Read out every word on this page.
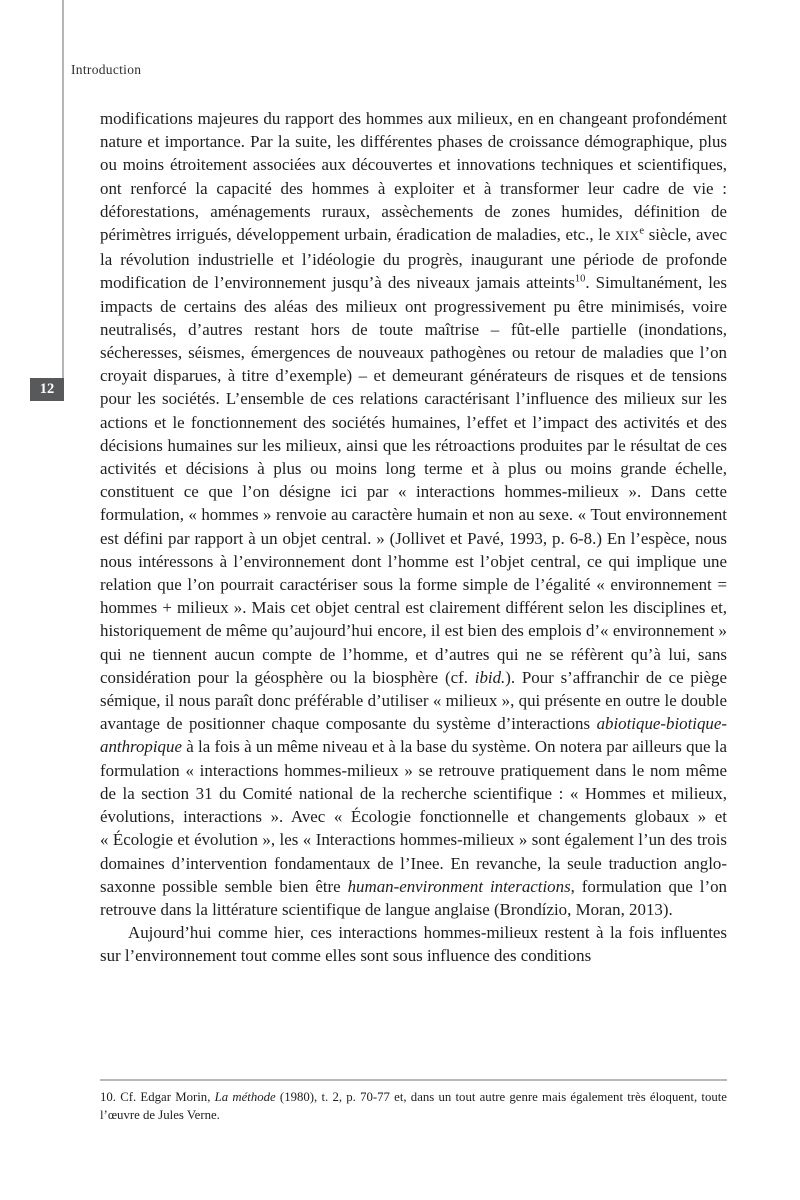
Introduction
12

modifications majeures du rapport des hommes aux milieux, en en changeant profondément nature et importance. Par la suite, les différentes phases de croissance démographique, plus ou moins étroitement associées aux découvertes et innovations techniques et scientifiques, ont renforcé la capacité des hommes à exploiter et à transformer leur cadre de vie : déforestations, aménagements ruraux, assèchements de zones humides, définition de périmètres irrigués, développement urbain, éradication de maladies, etc., le XIXe siècle, avec la révolution industrielle et l’idéologie du progrès, inaugurant une période de profonde modification de l’environnement jusqu’à des niveaux jamais atteints$^{10}$. Simultanément, les impacts de certains des aléas des milieux ont progressivement pu être minimisés, voire neutralisés, d’autres restant hors de toute maîtrise – fût-elle partielle (inondations, sécheresses, séismes, émergences de nouveaux pathogènes ou retour de maladies que l’on croyait disparues, à titre d’exemple) – et demeurant générateurs de risques et de tensions pour les sociétés. L’ensemble de ces relations caractérisant l’influence des milieux sur les actions et le fonctionnement des sociétés humaines, l’effet et l’impact des activités et des décisions humaines sur les milieux, ainsi que les rétroactions produites par le résultat de ces activités et décisions à plus ou moins long terme et à plus ou moins grande échelle, constituent ce que l’on désigne ici par « interactions hommes-milieux ». Dans cette formulation, « hommes » renvoie au caractère humain et non au sexe. « Tout environnement est défini par rapport à un objet central. » (Jollivet et Pavé, 1993, p. 6-8.) En l’espèce, nous nous intéressons à l’environnement dont l’homme est l’objet central, ce qui implique une relation que l’on pourrait caractériser sous la forme simple de l’égalité « environnement = hommes + milieux ». Mais cet objet central est clairement différent selon les disciplines et, historiquement de même qu’aujourd’hui encore, il est bien des emplois d’« environnement » qui ne tiennent aucun compte de l’homme, et d’autres qui ne se réfèrent qu’à lui, sans considération pour la géosphère ou la biosphère (cf. ibid.). Pour s’affranchir de ce piège sémique, il nous paraît donc préférable d’utiliser « milieux », qui présente en outre le double avantage de positionner chaque composante du système d’interactions abiotique-biotique-anthropique à la fois à un même niveau et à la base du système. On notera par ailleurs que la formulation « interactions hommes-milieux » se retrouve pratiquement dans le nom même de la section 31 du Comité national de la recherche scientifique : « Hommes et milieux, évolutions, interactions ». Avec « Écologie fonctionnelle et changements globaux » et « Écologie et évolution », les « Interactions hommes-milieux » sont également l’un des trois domaines d’intervention fondamentaux de l’Inee. En revanche, la seule traduction anglo-saxonne possible semble bien être human-environment interactions, formulation que l’on retrouve dans la littérature scientifique de langue anglaise (Brondízio, Moran, 2013).

Aujourd’hui comme hier, ces interactions hommes-milieux restent à la fois influentes sur l’environnement tout comme elles sont sous influence des conditions

10. Cf. Edgar Morin, La méthode (1980), t. 2, p. 70-77 et, dans un tout autre genre mais également très éloquent, toute l’œuvre de Jules Verne.
